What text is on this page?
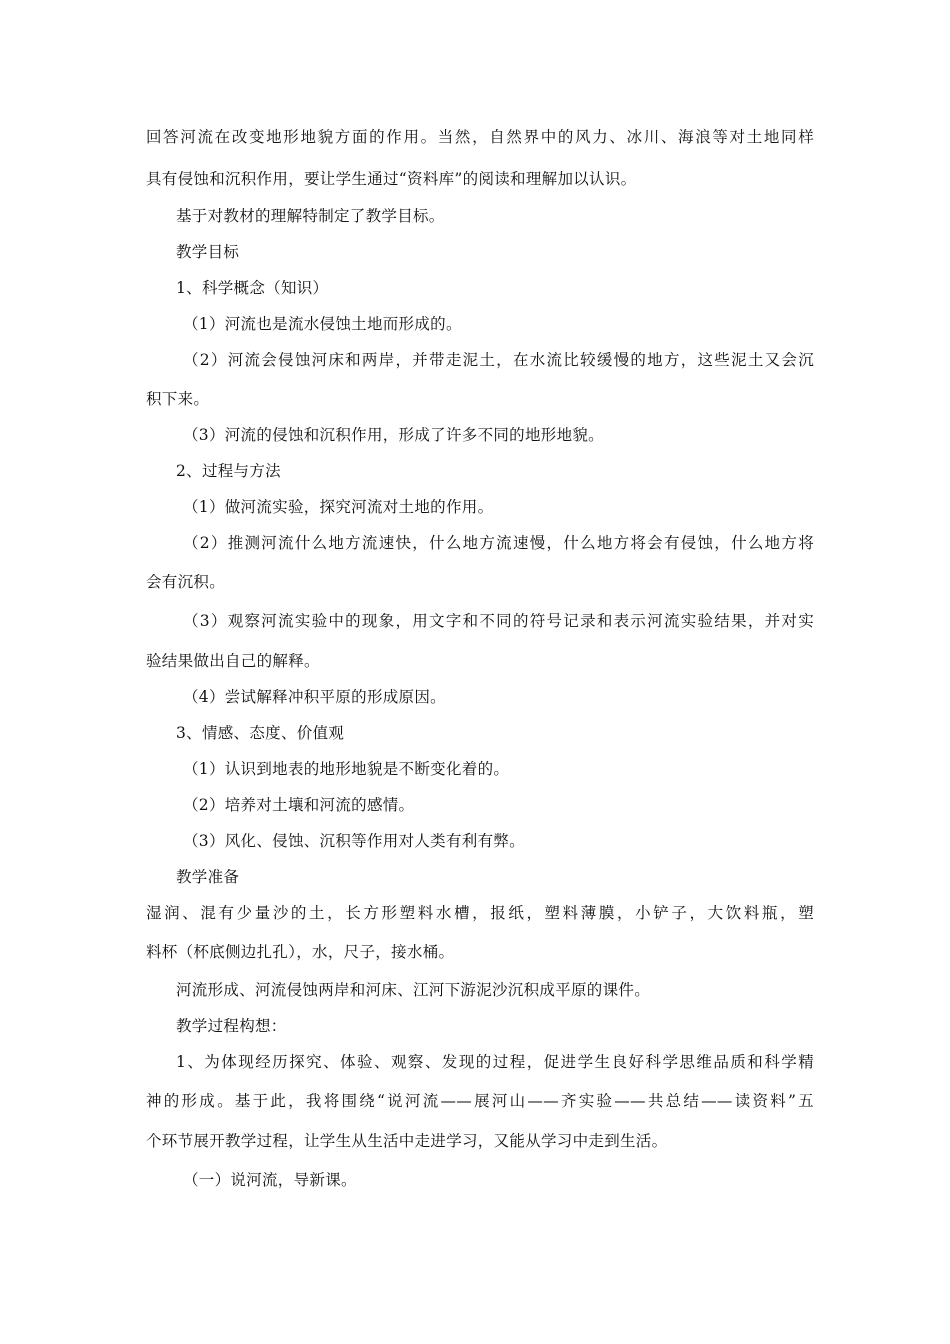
回答河流在改变地形地貌方面的作用。当然，自然界中的风力、冰川、海浪等对土地同样
具有侵蚀和沉积作用，要让学生通过“资料库”的阅读和理解加以认识。
基于对教材的理解特制定了教学目标。
教学目标
1、科学概念（知识）
（1）河流也是流水侵蚀土地而形成的。
（2）河流会侵蚀河床和两岸，并带走泥土，在水流比较缓慢的地方，这些泥土又会沉
积下来。
（3）河流的侵蚀和沉积作用，形成了许多不同的地形地貌。
2、过程与方法
（1）做河流实验，探究河流对土地的作用。
（2）推测河流什么地方流速快，什么地方流速慢，什么地方将会有侵蚀，什么地方将
会有沉积。
（3）观察河流实验中的现象，用文字和不同的符号记录和表示河流实验结果，并对实
验结果做出自己的解释。
（4）尝试解释冲积平原的形成原因。
3、情感、态度、价值观
（1）认识到地表的地形地貌是不断变化着的。
（2）培养对土壤和河流的感情。
（3）风化、侵蚀、沉积等作用对人类有利有弊。
教学准备
湿润、混有少量沙的土，长方形塑料水槽，报纸，塑料薄膜，小铲子，大饮料瓶，塑
料杯（杯底侧边扎孔），水，尺子，接水桶。
河流形成、河流侵蚀两岸和河床、江河下游泥沙沉积成平原的课件。
教学过程构想：
1、为体现经历探究、体验、观察、发现的过程，促进学生良好科学思维品质和科学精
神的形成。基于此，我将围绕“说河流——展河山——齐实验——共总结——读资料”五
个环节展开教学过程，让学生从生活中走进学习，又能从学习中走到生活。
（一）说河流，导新课。
